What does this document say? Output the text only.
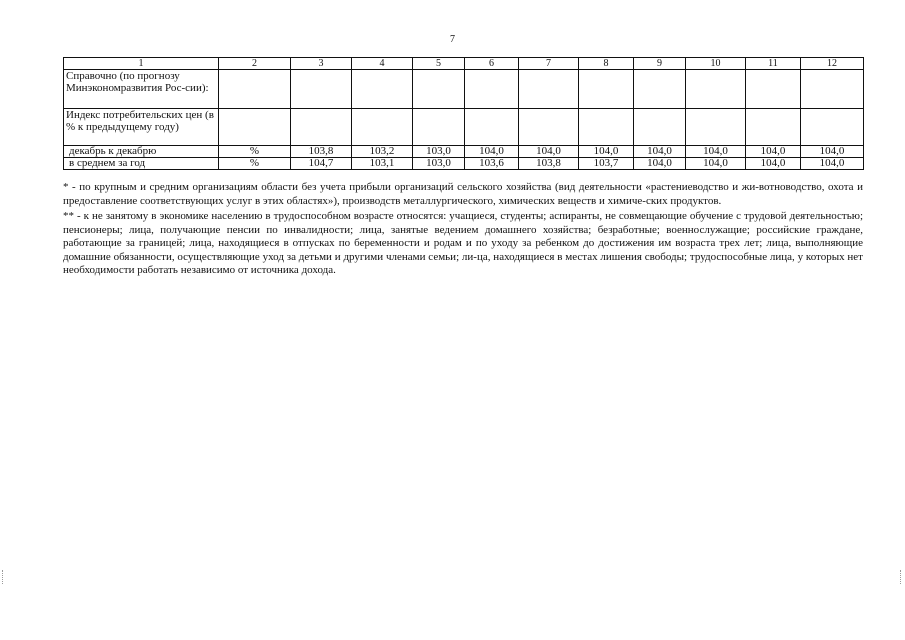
7
1	2	3	4	5	6	7	8	9	10	11	12
Справочно (по прогнозу Минэкономразвития Рос-сии):											
Индекс потребительских цен (в % к предыдущему году)											
декабрь к декабрю	%	103,8	103,2	103,0	104,0	104,0	104,0	104,0	104,0	104,0	104,0
в среднем за год	%	104,7	103,1	103,0	103,6	103,8	103,7	104,0	104,0	104,0	104,0

* - по крупным и средним организациям области без учета прибыли организаций сельского хозяйства (вид деятельности «растениеводство и жи-вотноводство, охота и предоставление соответствующих услуг в этих областях»), производств металлургического, химических веществ и химиче-ских продуктов.

** - к не занятому в экономике населению в трудоспособном возрасте относятся: учащиеся, студенты; аспиранты, не совмещающие обучение с трудовой деятельностью; пенсионеры; лица, получающие пенсии по инвалидности; лица, занятые ведением домашнего хозяйства; безработные; военнослужащие; российские граждане, работающие за границей; лица, находящиеся в отпусках по беременности и родам и по уходу за ребенком до достижения им возраста трех лет; лица, выполняющие домашние обязанности, осуществляющие уход за детьми и другими членами семьи; ли-ца, находящиеся в местах лишения свободы; трудоспособные лица, у которых нет необходимости работать независимо от источника дохода.
